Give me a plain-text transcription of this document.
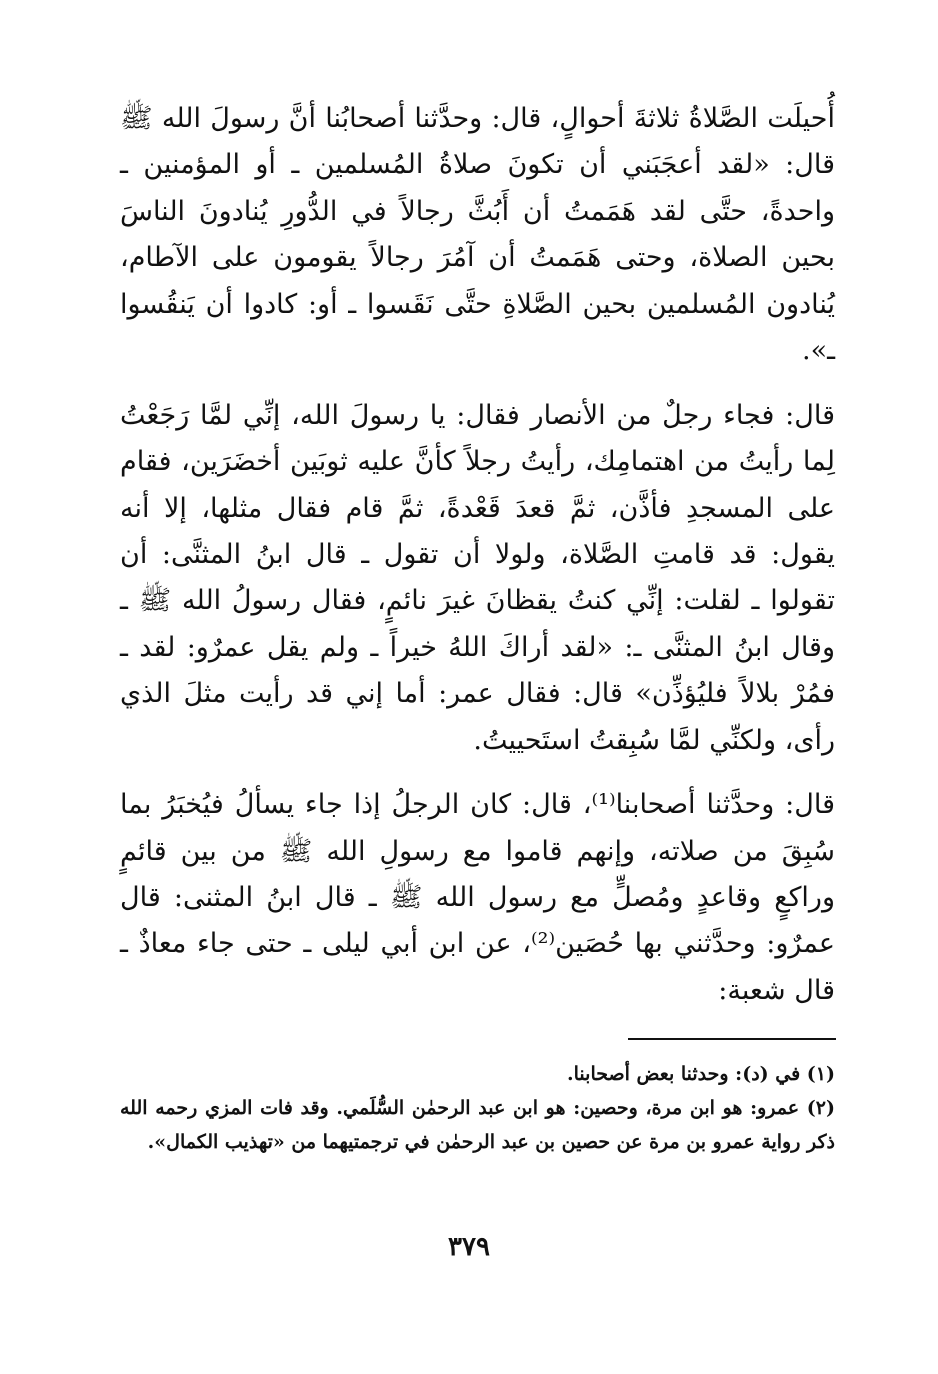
أُحيلَت الصَّلاةُ ثلاثةَ أحوالٍ، قال: وحدَّثنا أصحابُنا أنَّ رسولَ الله ﷺ قال: «لقد أعجَبَني أن تكونَ صلاةُ المُسلمين ـ أو المؤمنين ـ واحدةً، حتَّى لقد هَمَمتُ أن أَبُثَّ رجالاً في الدُّورِ يُنادونَ الناسَ بحين الصلاة، وحتى هَمَمتُ أن آمُرَ رجالاً يقومون على الآطام، يُنادون المُسلمين بحين الصَّلاةِ حتَّى نَقَسوا ـ أو: كادوا أن يَنقُسوا ـ».

قال: فجاء رجلٌ من الأنصار فقال: يا رسولَ الله، إنِّي لمَّا رَجَعْتُ لِما رأيتُ من اهتمامِك، رأيتُ رجلاً كأنَّ عليه ثوبَين أخضَرَين، فقام على المسجدِ فأذَّن، ثمَّ قعدَ قَعْدةً، ثمَّ قام فقال مثلها، إلا أنه يقول: قد قامتِ الصَّلاة، ولولا أن تقول ـ قال ابنُ المثنَّى: أن تقولوا ـ لقلت: إنِّي كنتُ يقظانَ غيرَ نائمٍ، فقال رسولُ الله ﷺ ـ وقال ابنُ المثنَّى ـ: «لقد أراكَ اللهُ خيراً ـ ولم يقل عمرٌو: لقد ـ فمُرْ بلالاً فليُؤذِّن» قال: فقال عمر: أما إني قد رأيت مثلَ الذي رأى، ولكنِّي لمَّا سُبِقتُ استَحييتُ.

قال: وحدَّثنا أصحابنا⁽¹⁾، قال: كان الرجلُ إذا جاء يسألُ فيُخبَرُ بما سُبِقَ من صلاته، وإنهم قاموا مع رسولِ الله ﷺ من بين قائمٍ وراكعٍ وقاعدٍ ومُصلٍّ مع رسول الله ﷺ ـ قال ابنُ المثنى: قال عمرٌو: وحدَّثني بها حُصَين⁽²⁾، عن ابن أبي ليلى ـ حتى جاء معاذٌ ـ قال شعبة:

(١) في (د): وحدثنا بعض أصحابنا.

(٢) عمرو: هو ابن مرة، وحصين: هو ابن عبد الرحمٰن السُّلَمي. وقد فات المزي رحمه الله ذكر رواية عمرو بن مرة عن حصين بن عبد الرحمٰن في ترجمتيهما من «تهذيب الكمال».

٣٧٩
